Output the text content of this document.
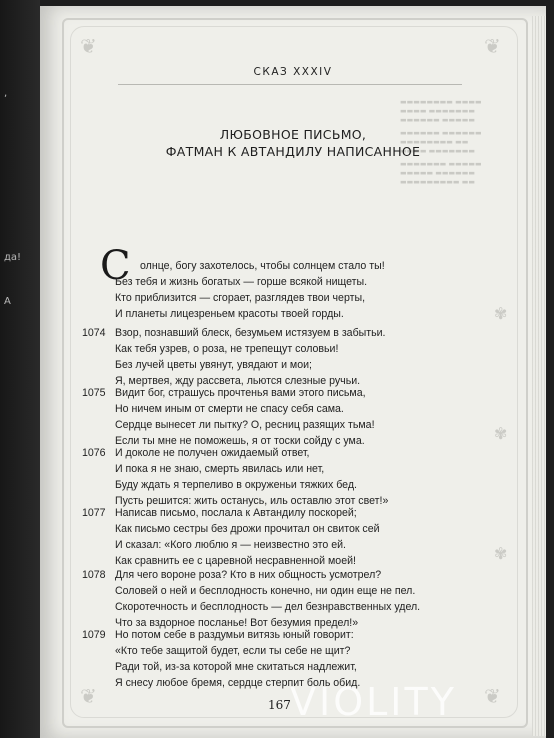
,
да!
А
❦	❦
❦	❦
✾
✾
✾

▬▬▬▬▬▬▬▬ ▬▬▬▬
▬▬▬▬ ▬▬▬▬▬▬▬
▬▬▬▬▬▬ ▬▬▬▬▬

▬▬▬▬▬▬ ▬▬▬▬▬▬
▬▬▬▬▬▬▬▬ ▬▬
▬▬▬▬ ▬▬▬▬▬▬▬

▬▬▬▬▬▬▬ ▬▬▬▬▬
▬▬▬▬▬ ▬▬▬▬▬▬
▬▬▬▬▬▬▬▬▬ ▬▬

СКАЗ XXXIV
ЛЮБОВНОЕ ПИСЬМО,
ФАТМАН К АВТАНДИЛУ НАПИСАННОЕ
С олнце, богу захотелось, чтобы солнцем стало ты!
Без тебя и жизнь богатых — горше всякой нищеты.
Кто приблизится — сгорает, разглядев твои черты,
И планеты лицезреньем красоты твоей горды.
1074 Взор, познавший блеск, безумьем истязуем в забытьи.
Как тебя узрев, о роза, не трепещут соловьи!
Без лучей цветы увянут, увядают и мои;
Я, мертвея, жду рассвета, льются слезные ручьи.
1075 Видит бог, страшусь прочтенья вами этого письма,
Но ничем иным от смерти не спасу себя сама.
Сердце вынесет ли пытку? О, ресниц разящих тьма!
Если ты мне не поможешь, я от тоски сойду с ума.
1076 И доколе не получен ожидаемый ответ,
И пока я не знаю, смерть явилась или нет,
Буду ждать я терпеливо в окруженьи тяжких бед.
Пусть решится: жить останусь, иль оставлю этот свет!»
1077 Написав письмо, послала к Автандилу поскорей;
Как письмо сестры без дрожи прочитал он свиток сей
И сказал: «Кого люблю я — неизвестно это ей.
Как сравнить ее с царевной несравненной моей!
1078 Для чего вороне роза? Кто в них общность усмотрел?
Соловей о ней и бесплодность конечно, ни один еще не пел.
Скоротечность и бесплодность — дел безнравственных удел.
Что за вздорное посланье! Вот безумия предел!»
1079 Но потом себе в раздумьи витязь юный говорит:
«Кто тебе защитой будет, если ты себе не щит?
Ради той, из-за которой мне скитаться надлежит,
Я снесу любое бремя, сердце стерпит боль обид.
167 VIOLITY
